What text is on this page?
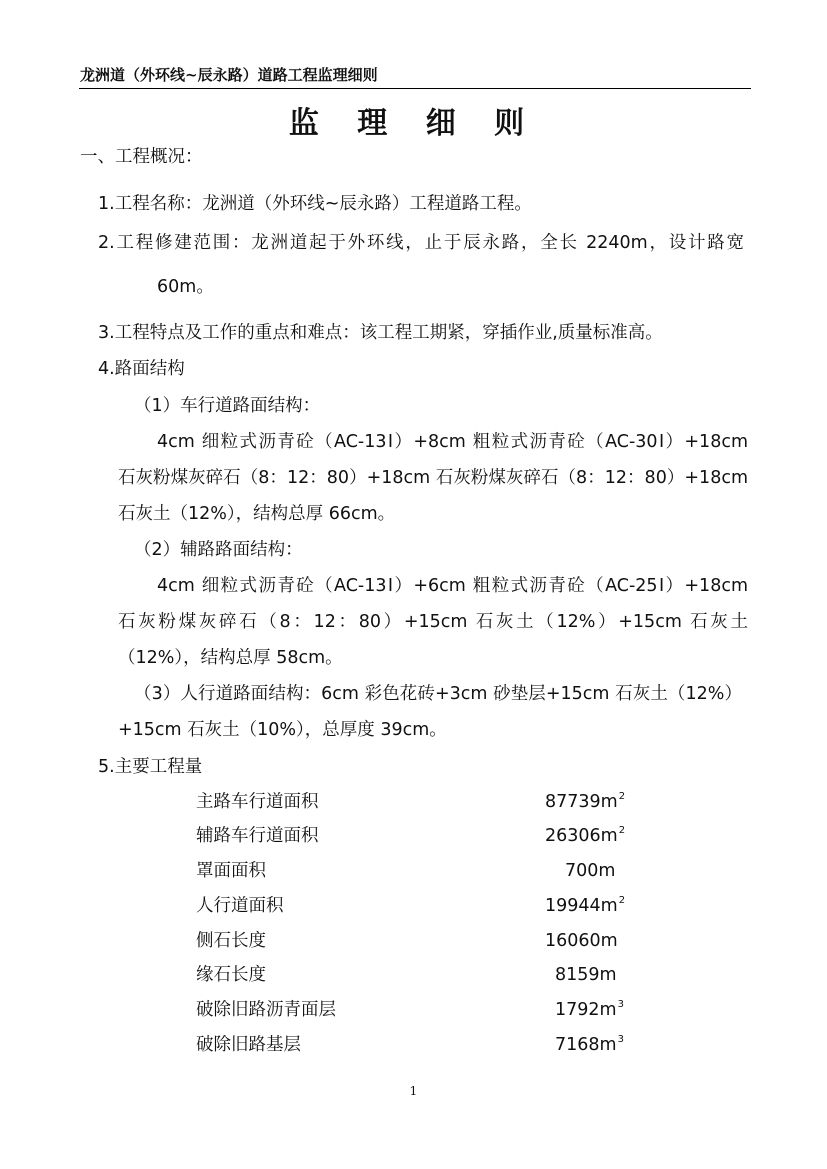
龙洲道（外环线~辰永路）道路工程监理细则
监 理 细 则
一、工程概况：
1.工程名称：龙洲道（外环线~辰永路）工程道路工程。
2.工程修建范围：龙洲道起于外环线，止于辰永路，全长 2240m，设计路宽
60m。
3.工程特点及工作的重点和难点：该工程工期紧，穿插作业,质量标准高。
4.路面结构
（1）车行道路面结构：
4cm 细粒式沥青砼（AC-13Ⅰ）+8cm 粗粒式沥青砼（AC-30Ⅰ）+18cm
石灰粉煤灰碎石（8：12：80）+18cm 石灰粉煤灰碎石（8：12：80）+18cm
石灰土（12%），结构总厚 66cm。
（2）辅路路面结构：
4cm 细粒式沥青砼（AC-13Ⅰ）+6cm 粗粒式沥青砼（AC-25Ⅰ）+18cm
石灰粉煤灰碎石（8：12：80）+15cm 石灰土（12%）+15cm 石灰土
（12%），结构总厚 58cm。
（3）人行道路面结构：6cm 彩色花砖+3cm 砂垫层+15cm 石灰土（12%）
+15cm 石灰土（10%），总厚度 39cm。
5.主要工程量
主路车行道面积	$87739m^2$
辅路车行道面积	$26306m^2$
罩面面积	700m
人行道面积	$19944m^2$
侧石长度	16060m
缘石长度	8159m
破除旧路沥青面层	$1792m^3$
破除旧路基层	$7168m^3$
1
